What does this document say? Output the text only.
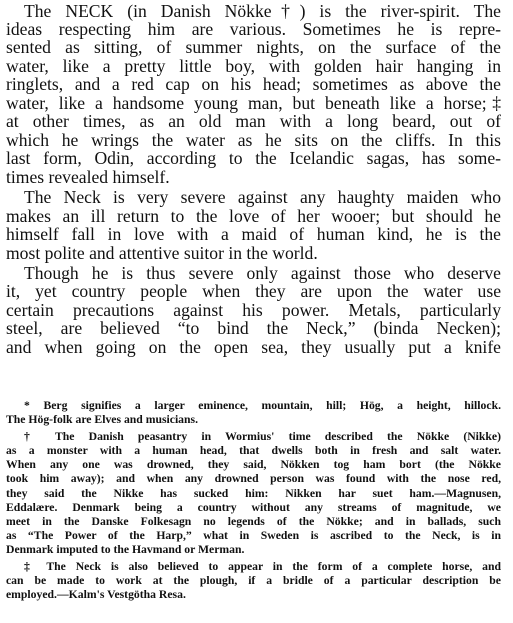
The NECK (in Danish Nökke†) is the river-spirit. The
ideas respecting him are various. Sometimes he is repre-
sented as sitting, of summer nights, on the surface of the
water, like a pretty little boy, with golden hair hanging in
ringlets, and a red cap on his head; sometimes as above the
water, like a handsome young man, but beneath like a horse;‡
at other times, as an old man with a long beard, out of
which he wrings the water as he sits on the cliffs. In this
last form, Odin, according to the Icelandic sagas, has some-
times revealed himself.
The Neck is very severe against any haughty maiden who
makes an ill return to the love of her wooer; but should he
himself fall in love with a maid of human kind, he is the
most polite and attentive suitor in the world.
Though he is thus severe only against those who deserve
it, yet country people when they are upon the water use
certain precautions against his power. Metals, particularly
steel, are believed “to bind the Neck,” (binda Necken);
and when going on the open sea, they usually put a knife
* Berg signifies a larger eminence, mountain, hill; Hög, a height, hillock.
The Hög-folk are Elves and musicians.
† The Danish peasantry in Wormius' time described the Nökke (Nikke)
as a monster with a human head, that dwells both in fresh and salt water.
When any one was drowned, they said, Nökken tog ham bort (the Nökke
took him away); and when any drowned person was found with the nose red,
they said the Nikke has sucked him: Nikken har suet ham.—Magnusen,
Eddalære. Denmark being a country without any streams of magnitude, we
meet in the Danske Folkesagn no legends of the Nökke; and in ballads, such
as “The Power of the Harp,” what in Sweden is ascribed to the Neck, is in
Denmark imputed to the Havmand or Merman.
‡ The Neck is also believed to appear in the form of a complete horse, and
can be made to work at the plough, if a bridle of a particular description be
employed.—Kalm's Vestgötha Resa.
